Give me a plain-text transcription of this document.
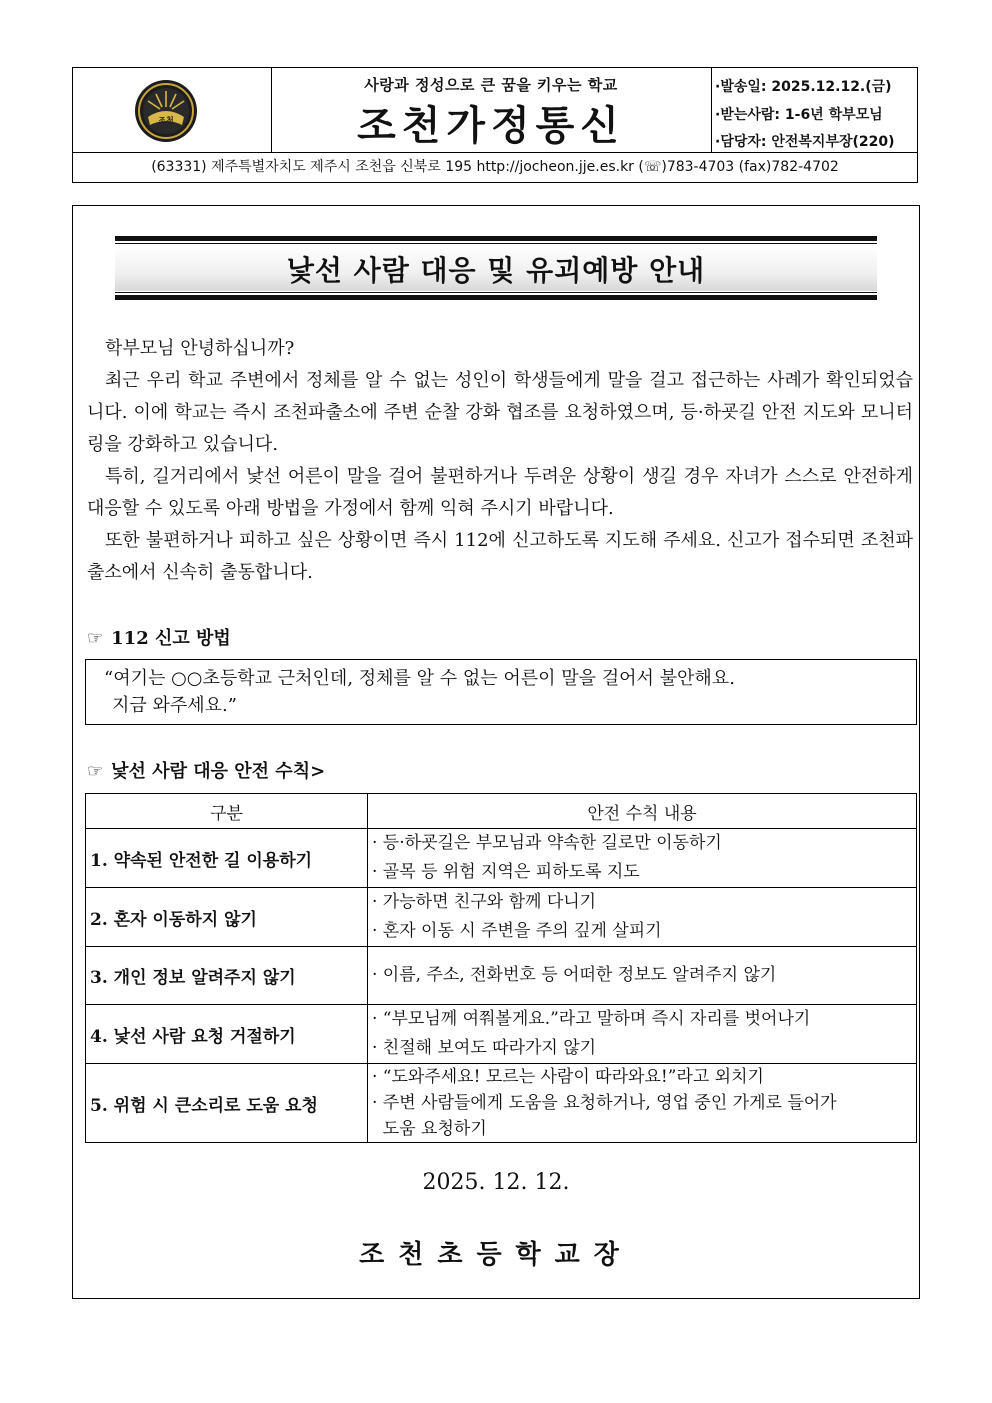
조천
사랑과 정성으로 큰 꿈을 키우는 학교
조천가정통신
·발송일: 2025.12.12.(금)
·받는사람: 1-6년 학부모님
·담당자: 안전복지부장(220)
(63331) 제주특별자치도 제주시 조천읍 신북로 195 http://jocheon.jje.es.kr (☏)783-4703 (fax)782-4702
낯선 사람 대응 및 유괴예방 안내

학부모님 안녕하십니까?

최근 우리 학교 주변에서 정체를 알 수 없는 성인이 학생들에게 말을 걸고 접근하는 사례가 확인되었습니다. 이에 학교는 즉시 조천파출소에 주변 순찰 강화 협조를 요청하였으며, 등·하굣길 안전 지도와 모니터링을 강화하고 있습니다.

특히, 길거리에서 낯선 어른이 말을 걸어 불편하거나 두려운 상황이 생길 경우 자녀가 스스로 안전하게 대응할 수 있도록 아래 방법을 가정에서 함께 익혀 주시기 바랍니다.

또한 불편하거나 피하고 싶은 상황이면 즉시 112에 신고하도록 지도해 주세요. 신고가 접수되면 조천파출소에서 신속히 출동합니다.

☞ 112 신고 방법
“여기는 ○○초등학교 근처인데, 정체를 알 수 없는 어른이 말을 걸어서 불안해요.
지금 와주세요.”
☞ 낯선 사람 대응 안전 수칙>
구분	안전 수칙 내용
1. 약속된 안전한 길 이용하기	· 등·하굣길은 부모님과 약속한 길로만 이동하기
· 골목 등 위험 지역은 피하도록 지도

2. 혼자 이동하지 않기	· 가능하면 친구와 함께 다니기
· 혼자 이동 시 주변을 주의 깊게 살피기

3. 개인 정보 알려주지 않기	· 이름, 주소, 전화번호 등 어떠한 정보도 알려주지 않기

4. 낯선 사람 요청 거절하기	· “부모님께 여쭤볼게요.”라고 말하며 즉시 자리를 벗어나기
· 친절해 보여도 따라가지 않기

5. 위험 시 큰소리로 도움 요청	· “도와주세요! 모르는 사람이 따라와요!”라고 외치기
· 주변 사람들에게 도움을 요청하거나, 영업 중인 가게로 들어가
도움 요청하기
2025. 12. 12.
조천초등학교장
